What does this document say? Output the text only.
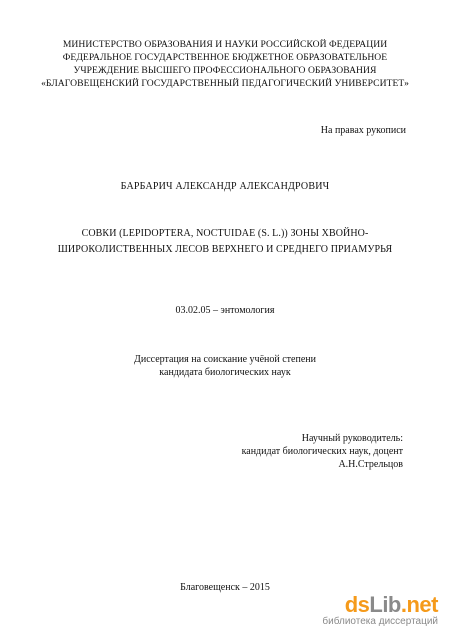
МИНИСТЕРСТВО ОБРАЗОВАНИЯ И НАУКИ РОССИЙСКОЙ ФЕДЕРАЦИИ
ФЕДЕРАЛЬНОЕ ГОСУДАРСТВЕННОЕ БЮДЖЕТНОЕ ОБРАЗОВАТЕЛЬНОЕ
УЧРЕЖДЕНИЕ ВЫСШЕГО ПРОФЕССИОНАЛЬНОГО ОБРАЗОВАНИЯ
«БЛАГОВЕЩЕНСКИЙ ГОСУДАРСТВЕННЫЙ ПЕДАГОГИЧЕСКИЙ УНИВЕРСИТЕТ»
На правах рукописи
БАРБАРИЧ АЛЕКСАНДР АЛЕКСАНДРОВИЧ
СОВКИ (LEPIDOPTERA, NOCTUIDAE (S. L.)) ЗОНЫ ХВОЙНО-
ШИРОКОЛИСТВЕННЫХ ЛЕСОВ ВЕРХНЕГО И СРЕДНЕГО ПРИАМУРЬЯ
03.02.05 – энтомология
Диссертация на соискание учёной степени
кандидата биологических наук
Научный руководитель:
кандидат биологических наук, доцент
А.Н.Стрельцов
Благовещенск – 2015
dsLib.net
библиотека диссертаций
